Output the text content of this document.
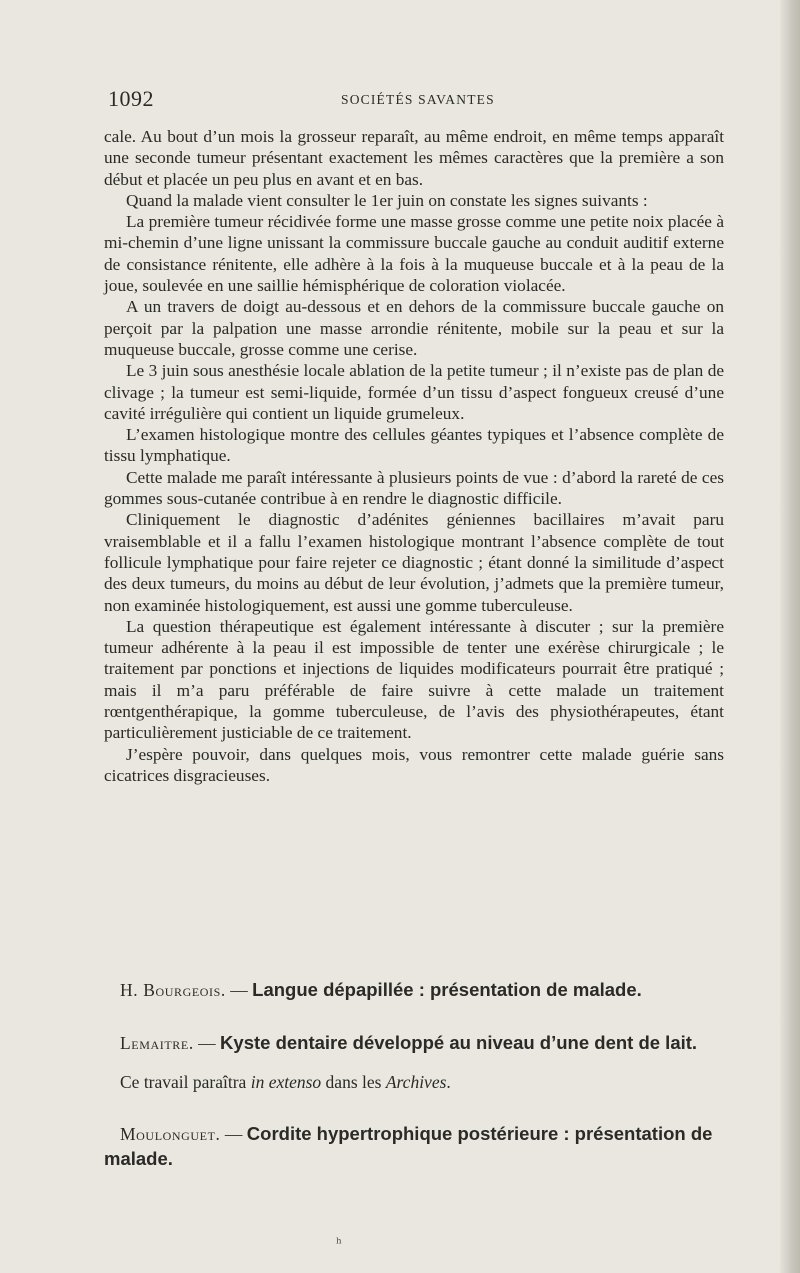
1092	SOCIÉTÉS SAVANTES

cale. Au bout d’un mois la grosseur reparaît, au même endroit, en même temps apparaît une seconde tumeur présentant exactement les mêmes caractères que la première a son début et placée un peu plus en avant et en bas.

Quand la malade vient consulter le 1er juin on constate les signes suivants :

La première tumeur récidivée forme une masse grosse comme une petite noix placée à mi-chemin d’une ligne unissant la commissure buccale gauche au conduit auditif externe de consistance rénitente, elle adhère à la fois à la muqueuse buccale et à la peau de la joue, soulevée en une saillie hémisphérique de coloration violacée.

A un travers de doigt au-dessous et en dehors de la commissure buccale gauche on perçoit par la palpation une masse arrondie rénitente, mobile sur la peau et sur la muqueuse buccale, grosse comme une cerise.

Le 3 juin sous anesthésie locale ablation de la petite tumeur ; il n’existe pas de plan de clivage ; la tumeur est semi-liquide, formée d’un tissu d’aspect fongueux creusé d’une cavité irrégulière qui contient un liquide grumeleux.

L’examen histologique montre des cellules géantes typiques et l’absence complète de tissu lymphatique.

Cette malade me paraît intéressante à plusieurs points de vue : d’abord la rareté de ces gommes sous-cutanée contribue à en rendre le diagnostic difficile.

Cliniquement le diagnostic d’adénites géniennes bacillaires m’avait paru vraisemblable et il a fallu l’examen histologique montrant l’absence complète de tout follicule lymphatique pour faire rejeter ce diagnostic ; étant donné la similitude d’aspect des deux tumeurs, du moins au début de leur évolution, j’admets que la première tumeur, non examinée histologiquement, est aussi une gomme tuberculeuse.

La question thérapeutique est également intéressante à discuter ; sur la première tumeur adhérente à la peau il est impossible de tenter une exérèse chirurgicale ; le traitement par ponctions et injections de liquides modificateurs pourrait être pratiqué ; mais il m’a paru préférable de faire suivre à cette malade un traitement rœntgenthérapique, la gomme tuberculeuse, de l’avis des physiothérapeutes, étant particulièrement justiciable de ce traitement.

J’espère pouvoir, dans quelques mois, vous remontrer cette malade guérie sans cicatrices disgracieuses.

H. Bourgeois. — Langue dépapillée : présentation de malade.

Lemaitre. — Kyste dentaire développé au niveau d’une dent de lait.

Ce travail paraîtra in extenso dans les Archives.

Moulonguet. — Cordite hypertrophique postérieure : présentation de malade.

ʰ
